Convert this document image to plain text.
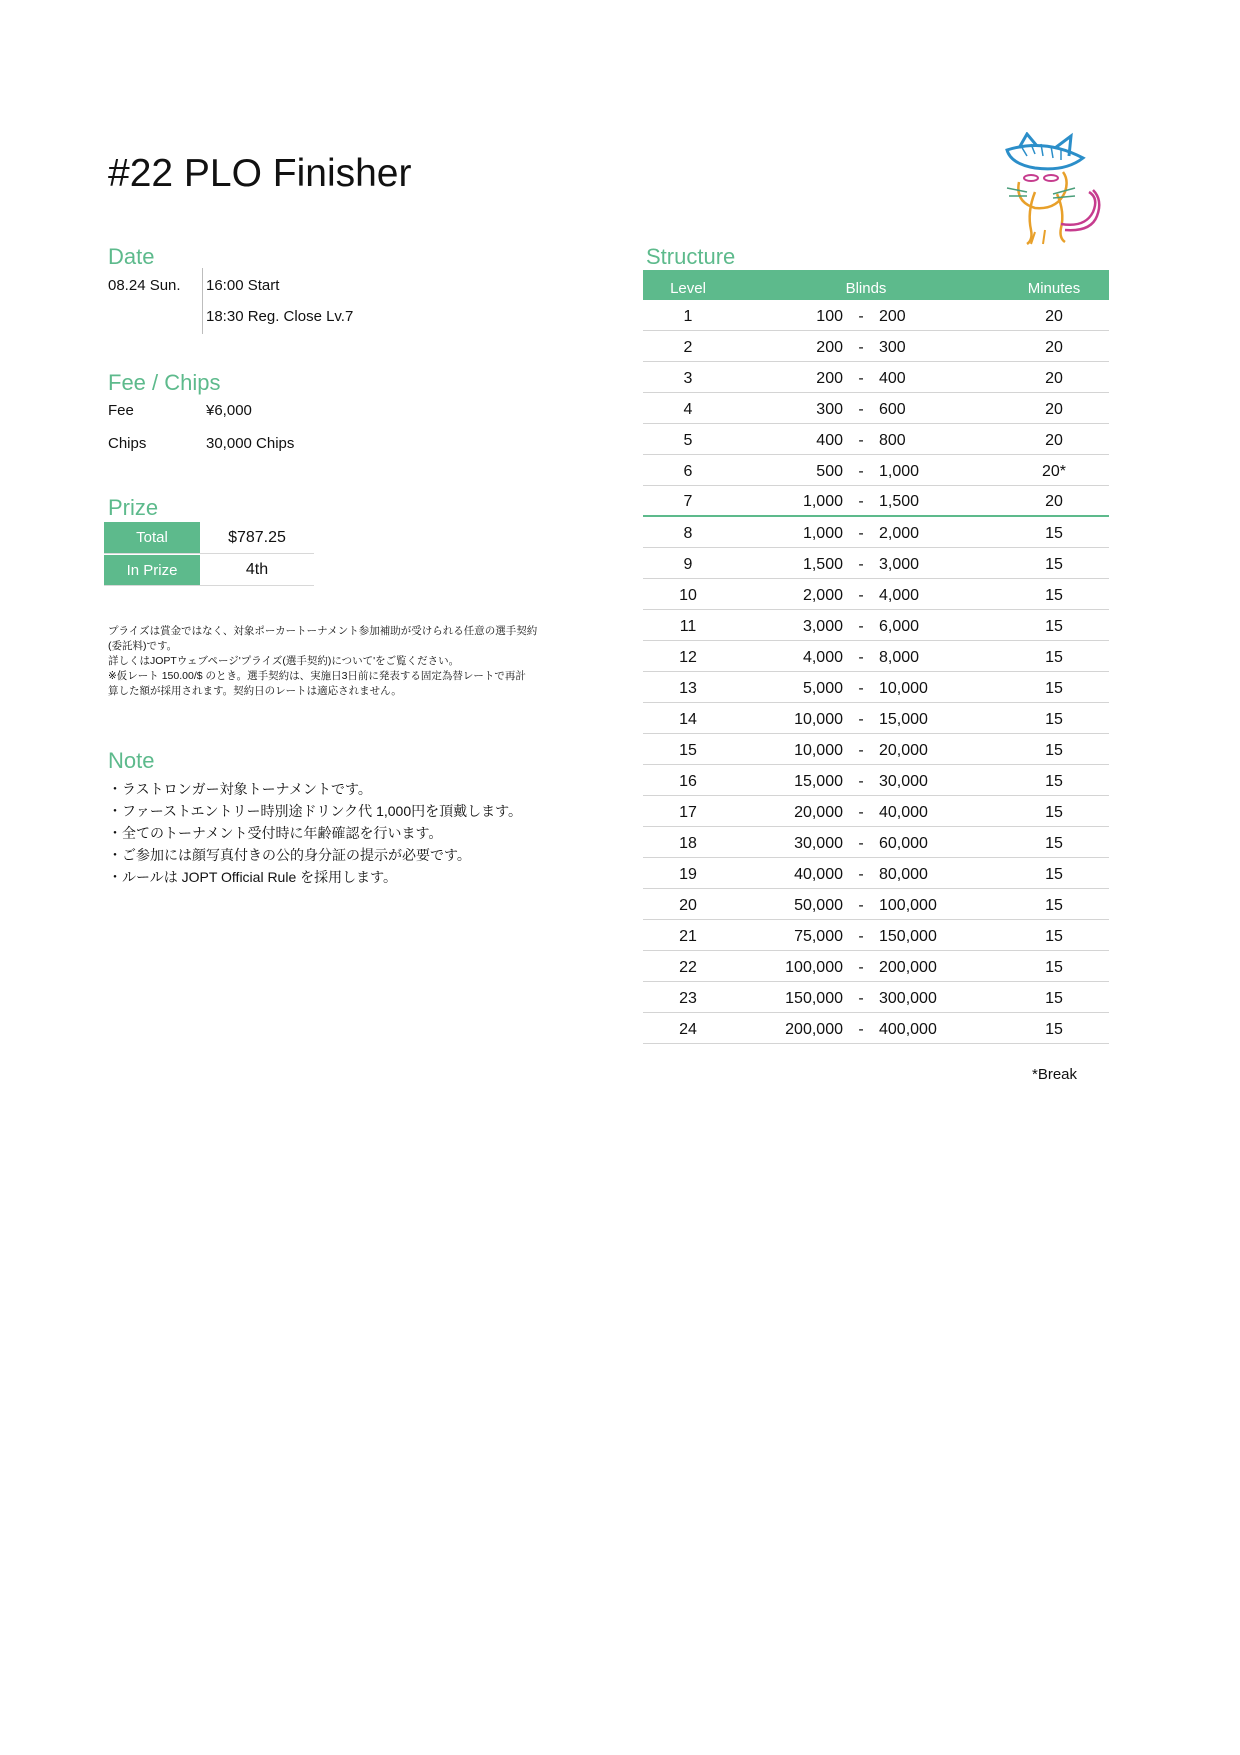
#22 PLO Finisher
Date
08.24 Sun. 16:00 Start
18:30 Reg. Close Lv.7
Fee / Chips
Fee	¥6,000
Chips	30,000 Chips
Prize
Total	$787.25
In Prize	4th
プライズは賞金ではなく、対象ポーカートーナメント参加補助が受けられる任意の選手契約
(委託料)です。
詳しくはJOPTウェブページ'プライズ(選手契約)について'をご覧ください。
※仮レート 150.00/$ のとき。選手契約は、実施日3日前に発表する固定為替レートで再計
算した額が採用されます。契約日のレートは適応されません。
Note
・ラストロンガー対象トーナメントです。
・ファーストエントリー時別途ドリンク代 1,000円を頂戴します。
・全てのトーナメント受付時に年齢確認を行います。
・ご参加には顔写真付きの公的身分証の提示が必要です。
・ルールは JOPT Official Rule を採用します。
Structure
Level	Blinds	Minutes
1	100 - 200	20
2	200 - 300	20
3	200 - 400	20
4	300 - 600	20
5	400 - 800	20
6	500 - 1,000	20*
7	1,000 - 1,500	20
8	1,000 - 2,000	15
9	1,500 - 3,000	15
10	2,000 - 4,000	15
11	3,000 - 6,000	15
12	4,000 - 8,000	15
13	5,000 - 10,000	15
14	10,000 - 15,000	15
15	10,000 - 20,000	15
16	15,000 - 30,000	15
17	20,000 - 40,000	15
18	30,000 - 60,000	15
19	40,000 - 80,000	15
20	50,000 - 100,000	15
21	75,000 - 150,000	15
22	100,000 - 200,000	15
23	150,000 - 300,000	15
24	200,000 - 400,000	15
*Break
